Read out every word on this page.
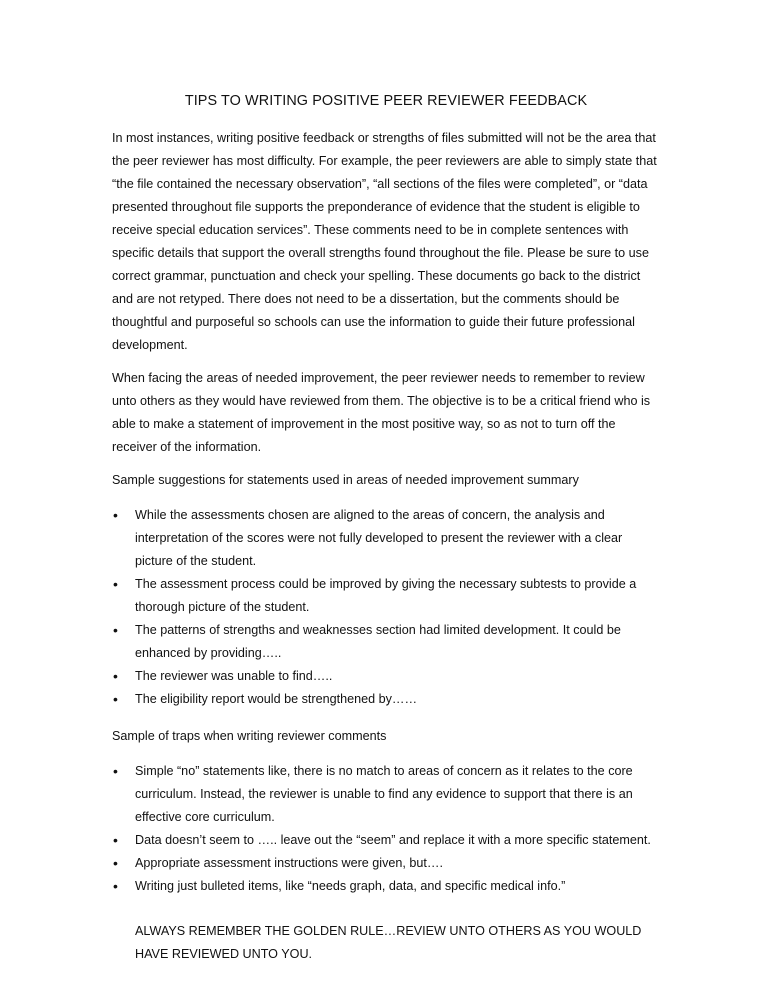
TIPS TO WRITING POSITIVE PEER REVIEWER FEEDBACK

In most instances, writing positive feedback or strengths of files submitted will not be the area that the peer reviewer has most difficulty. For example, the peer reviewers are able to simply state that “the file contained the necessary observation”, “all sections of the files were completed”, or “data presented throughout file supports the preponderance of evidence that the student is eligible to receive special education services”. These comments need to be in complete sentences with specific details that support the overall strengths found throughout the file. Please be sure to use correct grammar, punctuation and check your spelling. These documents go back to the district and are not retyped. There does not need to be a dissertation, but the comments should be thoughtful and purposeful so schools can use the information to guide their future professional development.

When facing the areas of needed improvement, the peer reviewer needs to remember to review unto others as they would have reviewed from them. The objective is to be a critical friend who is able to make a statement of improvement in the most positive way, so as not to turn off the receiver of the information.

Sample suggestions for statements used in areas of needed improvement summary

• While the assessments chosen are aligned to the areas of concern, the analysis and interpretation of the scores were not fully developed to present the reviewer with a clear picture of the student.
• The assessment process could be improved by giving the necessary subtests to provide a thorough picture of the student.
• The patterns of strengths and weaknesses section had limited development. It could be enhanced by providing…..
• The reviewer was unable to find…..
• The eligibility report would be strengthened by……

Sample of traps when writing reviewer comments

• Simple “no” statements like, there is no match to areas of concern as it relates to the core curriculum. Instead, the reviewer is unable to find any evidence to support that there is an effective core curriculum.
• Data doesn’t seem to ….. leave out the “seem” and replace it with a more specific statement.
• Appropriate assessment instructions were given, but….
• Writing just bulleted items, like “needs graph, data, and specific medical info.”

ALWAYS REMEMBER THE GOLDEN RULE…REVIEW UNTO OTHERS AS YOU WOULD HAVE REVIEWED UNTO YOU.
